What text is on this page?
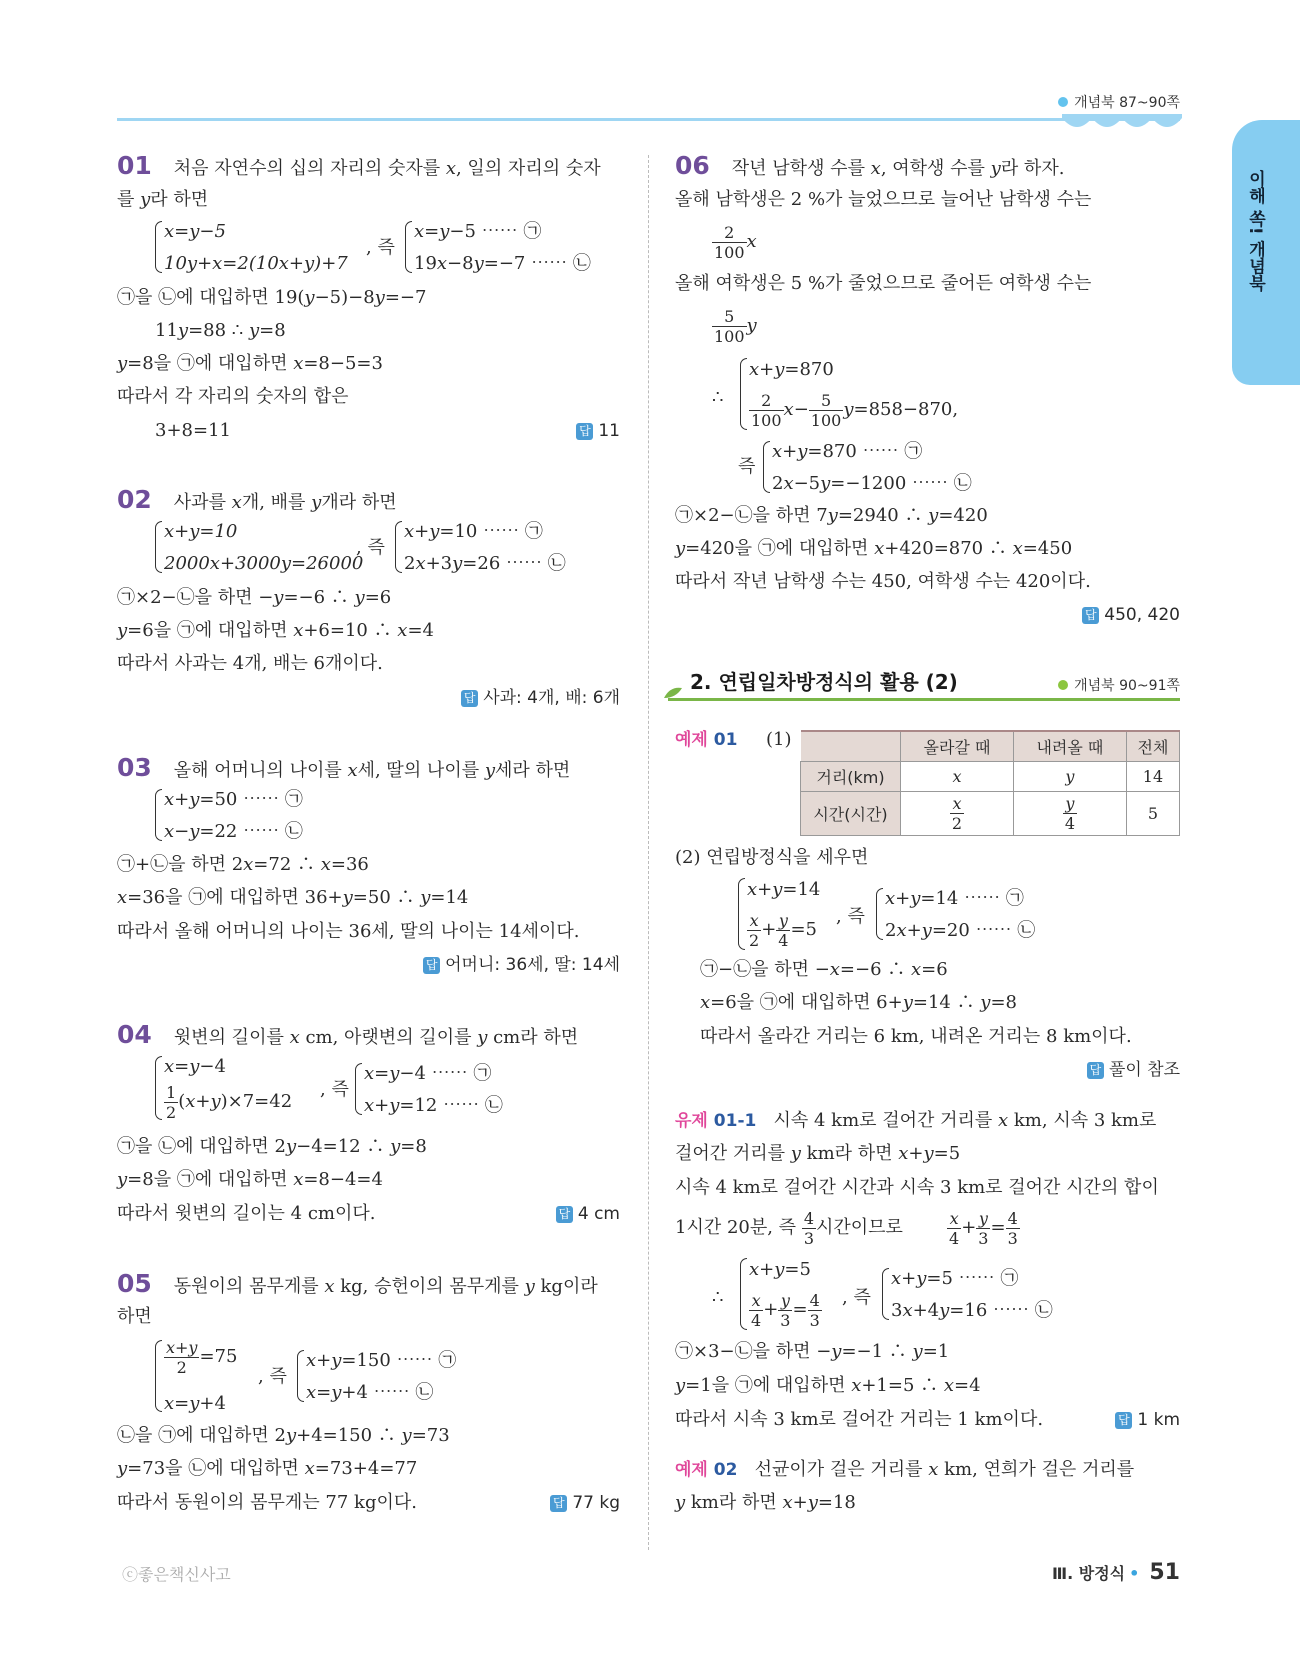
개념북 87~90쪽
이해 쏙! 개념북
01 처음 자연수의 십의 자리의 숫자를 𝑥, 일의 자리의 숫자
를 𝑦라 하면
𝑥=𝑦−5
10𝑦+𝑥=2(10𝑥+𝑦)+7
, 즉
𝑥=𝑦−5 ⋯⋯ ㉠
19𝑥−8𝑦=−7 ⋯⋯ ㉡
㉠을 ㉡에 대입하면 19(𝑦−5)−8𝑦=−7
11𝑦=88 ∴ 𝑦=8
𝑦=8을 ㉠에 대입하면 𝑥=8−5=3
따라서 각 자리의 숫자의 합은
3+8=11	답 11
02 사과를 𝑥개, 배를 𝑦개라 하면
𝑥+𝑦=10
2000𝑥+3000𝑦=26000
, 즉
𝑥+𝑦=10 ⋯⋯ ㉠
2𝑥+3𝑦=26 ⋯⋯ ㉡
㉠×2−㉡을 하면 −𝑦=−6 ∴ 𝑦=6
𝑦=6을 ㉠에 대입하면 𝑥+6=10 ∴ 𝑥=4
따라서 사과는 4개, 배는 6개이다.
답 사과: 4개, 배: 6개
03 올해 어머니의 나이를 𝑥세, 딸의 나이를 𝑦세라 하면
𝑥+𝑦=50 ⋯⋯ ㉠
𝑥−𝑦=22 ⋯⋯ ㉡
㉠+㉡을 하면 2𝑥=72 ∴ 𝑥=36
𝑥=36을 ㉠에 대입하면 36+𝑦=50 ∴ 𝑦=14
따라서 올해 어머니의 나이는 36세, 딸의 나이는 14세이다.
답 어머니: 36세, 딸: 14세
04 윗변의 길이를 𝑥 cm, 아랫변의 길이를 𝑦 cm라 하면
𝑥=𝑦−4
$\frac{1}{2}$ (𝑥+𝑦)×7=42
, 즉
𝑥=𝑦−4 ⋯⋯ ㉠
𝑥+𝑦=12 ⋯⋯ ㉡
㉠을 ㉡에 대입하면 2𝑦−4=12 ∴ 𝑦=8
𝑦=8을 ㉠에 대입하면 𝑥=8−4=4
따라서 윗변의 길이는 4 cm이다.	답 4 cm
05 동원이의 몸무게를 𝑥 kg, 승헌이의 몸무게를 𝑦 kg이라
하면
$\frac{\text{𝑥+𝑦}}{2} =75$
𝑥=𝑦+4
, 즉
𝑥+𝑦=150 ⋯⋯ ㉠
𝑥=𝑦+4 ⋯⋯ ㉡
㉡을 ㉠에 대입하면 2𝑦+4=150 ∴ 𝑦=73
𝑦=73을 ㉡에 대입하면 𝑥=73+4=77
따라서 동원이의 몸무게는 77 kg이다.	답 77 kg
06 작년 남학생 수를 𝑥, 여학생 수를 𝑦라 하자.
올해 남학생은 2 %가 늘었으므로 늘어난 남학생 수는
$\frac{2}{100}$ 𝑥
올해 여학생은 5 %가 줄었으므로 줄어든 여학생 수는
$\frac{5}{100}$ 𝑦
∴
𝑥+𝑦=870
$\frac{2}{100}$ 𝑥− $\frac{5}{100}$ 𝑦=858−870,
즉
𝑥+𝑦=870 ⋯⋯ ㉠
2𝑥−5𝑦=−1200 ⋯⋯ ㉡
㉠×2−㉡을 하면 7𝑦=2940 ∴ 𝑦=420
𝑦=420을 ㉠에 대입하면 𝑥+420=870 ∴ 𝑥=450
따라서 작년 남학생 수는 450, 여학생 수는 420이다.
답 450, 420
2. 연립일차방정식의 활용 (2)	개념북 90~91쪽
예제 01 (1)
		올라갈 때	내려올 때	전체
거리(km)	𝑥	𝑦	14
시간(시간)	$\frac{\text{𝑥}}{2}$	$\frac{\text{𝑦}}{4}$	5
(2) 연립방정식을 세우면
𝑥+𝑦=14
$\frac{\text{𝑥}}{2} + \frac{\text{𝑦}}{4} =5$
, 즉
𝑥+𝑦=14 ⋯⋯ ㉠
2𝑥+𝑦=20 ⋯⋯ ㉡
㉠−㉡을 하면 −𝑥=−6 ∴ 𝑥=6
𝑥=6을 ㉠에 대입하면 6+𝑦=14 ∴ 𝑦=8
따라서 올라간 거리는 6 km, 내려온 거리는 8 km이다.
답 풀이 참조
유제 01-1 시속 4 km로 걸어간 거리를 𝑥 km, 시속 3 km로
걸어간 거리를 𝑦 km라 하면 𝑥+𝑦=5
시속 4 km로 걸어간 시간과 시속 3 km로 걸어간 시간의 합이
1시간 20분, 즉 $\frac{4}{3}$ 시간이므로	$\frac{\text{𝑥}}{4} + \frac{\text{𝑦}}{3} = \frac{4}{3}$
∴
𝑥+𝑦=5
$\frac{\text{𝑥}}{4} + \frac{\text{𝑦}}{3} = \frac{4}{3}$ , 즉
𝑥+𝑦=5 ⋯⋯ ㉠
3𝑥+4𝑦=16 ⋯⋯ ㉡
㉠×3−㉡을 하면 −𝑦=−1 ∴ 𝑦=1
𝑦=1을 ㉠에 대입하면 𝑥+1=5 ∴ 𝑥=4
따라서 시속 3 km로 걸어간 거리는 1 km이다.	답 1 km
예제 02 선균이가 걸은 거리를 𝑥 km, 연희가 걸은 거리를
𝑦 km라 하면 𝑥+𝑦=18
ⓒ좋은책신사고	Ⅲ. 방정식 • 51
